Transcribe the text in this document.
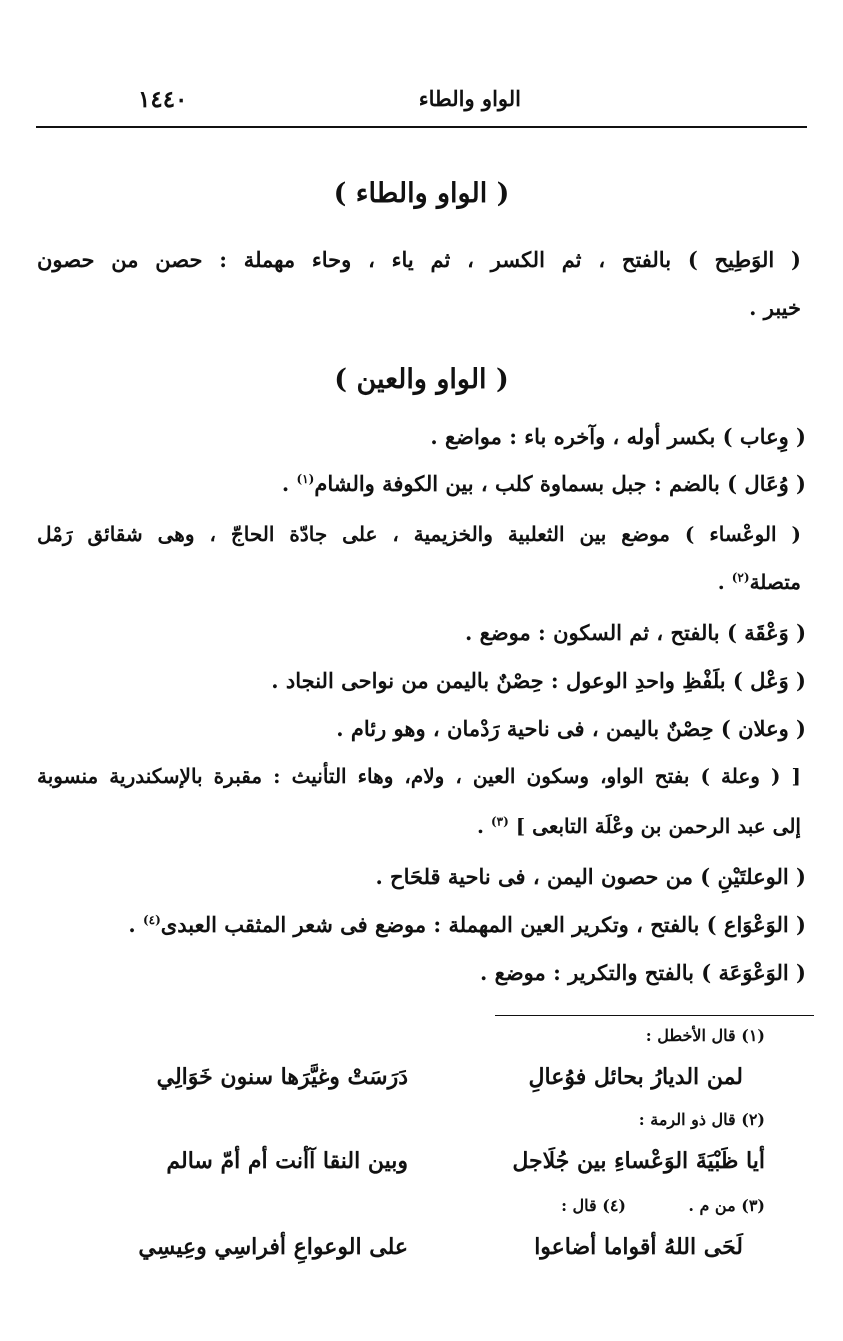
الواو والطاء
١٤٤٠
( الواو والطاء )
( الوَطِيح ) بالفتح ، ثم الكسر ، ثم ياء ، وحاء مهملة : حصن من حصون
خيبر .
( الواو والعين )
( وِعاب ) بكسر أوله ، وآخره باء : مواضع .
( وُعَال ) بالضم : جبل بسماوة كلب ، بين الكوفة والشام$^{(١)}$ .
( الوعْساء ) موضع بين الثعلبية والخزيمية ، على جادّة الحاجّ ، وهى شقائق رَمْل
متصلة$^{(٢)}$ .
( وَعْقَة ) بالفتح ، ثم السكون : موضع .
( وَعْل ) بلَفْظِ واحدِ الوعول : حِصْنٌ باليمن من نواحى النجاد .
( وعلان ) حِصْنٌ باليمن ، فى ناحية رَدْمان ، وهو رئام .
[ ( وعلة ) بفتح الواو، وسكون العين ، ولام، وهاء التأنيث : مقبرة بالإسكندرية منسوبة
إلى عبد الرحمن بن وعْلَة التابعى ] $^{(٣)}$ .
( الوعلتَيْنِ ) من حصون اليمن ، فى ناحية قلحَاح .
( الوَعْوَاع ) بالفتح ، وتكرير العين المهملة : موضع فى شعر المثقب العبدى$^{(٤)}$ .
( الوَعْوَعَة ) بالفتح والتكرير : موضع .
(١) قال الأخطل :
لمن الديارُ بحائل فوُعالِ
دَرَسَتْ وغيَّرَها سنون خَوَالِي
(٢) قال ذو الرمة :
أيا ظَبْيَةَ الوَعْساءِ بين جُلَاجل
وبين النقا آأنت أم أمّ سالم
(٣) من م .
(٤) قال :
لَحَى اللهُ أقواما أضاعوا
على الوعواعِ أفراسِي وعِيسِي
